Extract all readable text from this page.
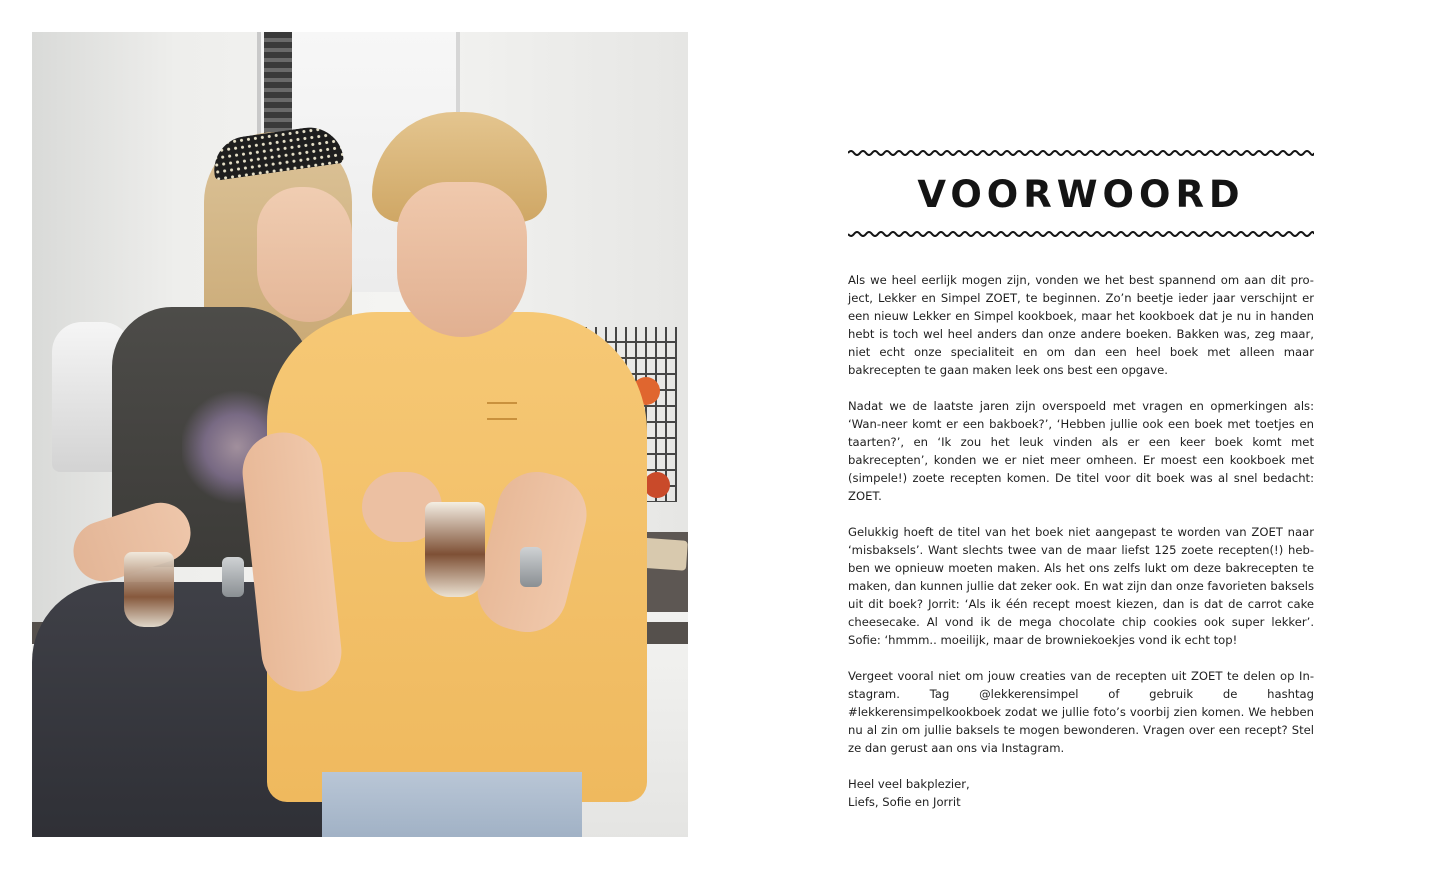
VOORWOORD

Als we heel eerlijk mogen zijn, vonden we het best spannend om aan dit pro-ject, Lekker en Simpel ZOET, te beginnen. Zo’n beetje ieder jaar verschijnt er een nieuw Lekker en Simpel kookboek, maar het kookboek dat je nu in handen hebt is toch wel heel anders dan onze andere boeken. Bakken was, zeg maar, niet echt onze specialiteit en om dan een heel boek met alleen maar bakrecepten te gaan maken leek ons best een opgave.

Nadat we de laatste jaren zijn overspoeld met vragen en opmerkingen als: ‘Wan-neer komt er een bakboek?’, ‘Hebben jullie ook een boek met toetjes en taarten?’, en ‘Ik zou het leuk vinden als er een keer boek komt met bakrecepten’, konden we er niet meer omheen. Er moest een kookboek met (simpele!) zoete recepten komen. De titel voor dit boek was al snel bedacht: ZOET.

Gelukkig hoeft de titel van het boek niet aangepast te worden van ZOET naar ‘misbaksels’. Want slechts twee van de maar liefst 125 zoete recepten(!) heb-ben we opnieuw moeten maken. Als het ons zelfs lukt om deze bakrecepten te maken, dan kunnen jullie dat zeker ook. En wat zijn dan onze favorieten baksels uit dit boek? Jorrit: ‘Als ik één recept moest kiezen, dan is dat de carrot cake cheesecake. Al vond ik de mega chocolate chip cookies ook super lekker’. Sofie: ‘hmmm.. moeilijk, maar de browniekoekjes vond ik echt top!

Vergeet vooral niet om jouw creaties van de recepten uit ZOET te delen op In-stagram. Tag @lekkerensimpel of gebruik de hashtag #lekkerensimpelkookboek zodat we jullie foto’s voorbij zien komen. We hebben nu al zin om jullie baksels te mogen bewonderen. Vragen over een recept? Stel ze dan gerust aan ons via Instagram.

Heel veel bakplezier,
Liefs, Sofie en Jorrit
